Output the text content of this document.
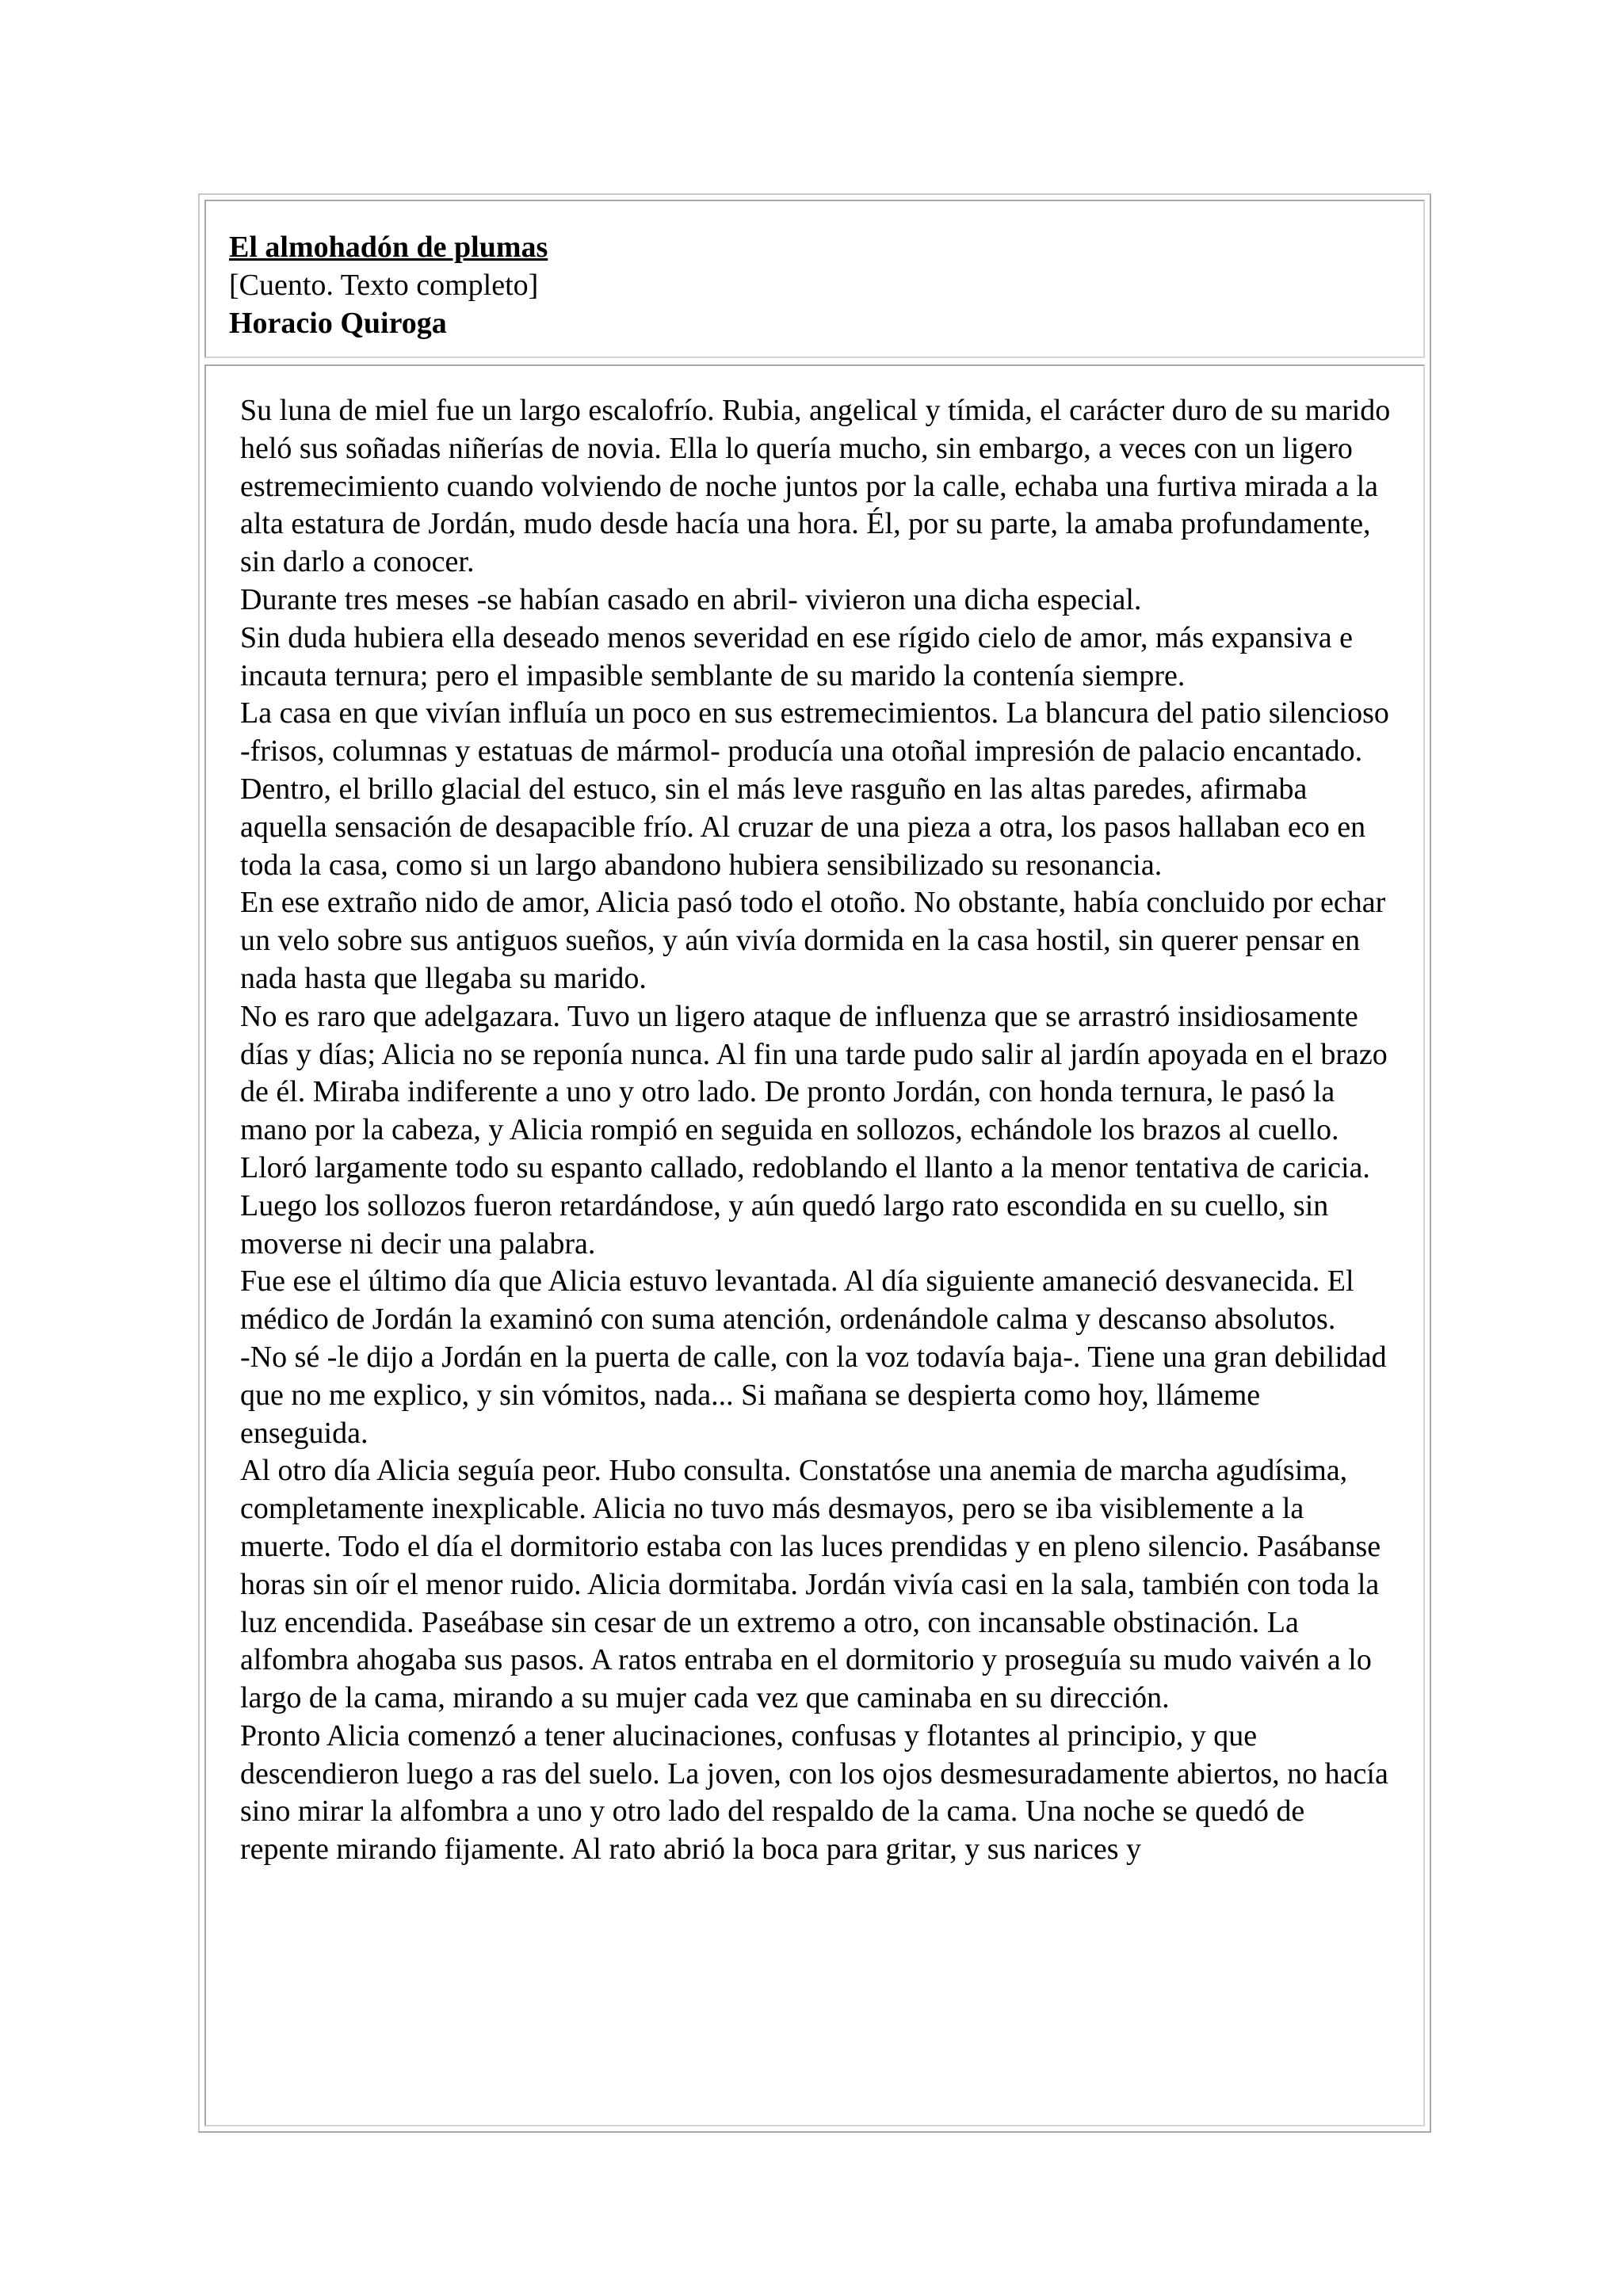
El almohadón de plumas

[Cuento. Texto completo]

Horacio Quiroga

Su luna de miel fue un largo escalofrío. Rubia, angelical y tímida, el carácter duro de su marido heló sus soñadas niñerías de novia. Ella lo quería mucho, sin embargo, a veces con un ligero estremecimiento cuando volviendo de noche juntos por la calle, echaba una furtiva mirada a la alta estatura de Jordán, mudo desde hacía una hora. Él, por su parte, la amaba profundamente, sin darlo a conocer.

Durante tres meses -se habían casado en abril- vivieron una dicha especial.

Sin duda hubiera ella deseado menos severidad en ese rígido cielo de amor, más expansiva e incauta ternura; pero el impasible semblante de su marido la contenía siempre.

La casa en que vivían influía un poco en sus estremecimientos. La blancura del patio silencioso -frisos, columnas y estatuas de mármol- producía una otoñal impresión de palacio encantado. Dentro, el brillo glacial del estuco, sin el más leve rasguño en las altas paredes, afirmaba aquella sensación de desapacible frío. Al cruzar de una pieza a otra, los pasos hallaban eco en toda la casa, como si un largo abandono hubiera sensibilizado su resonancia.

En ese extraño nido de amor, Alicia pasó todo el otoño. No obstante, había concluido por echar un velo sobre sus antiguos sueños, y aún vivía dormida en la casa hostil, sin querer pensar en nada hasta que llegaba su marido.

No es raro que adelgazara. Tuvo un ligero ataque de influenza que se arrastró insidiosamente días y días; Alicia no se reponía nunca. Al fin una tarde pudo salir al jardín apoyada en el brazo de él. Miraba indiferente a uno y otro lado. De pronto Jordán, con honda ternura, le pasó la mano por la cabeza, y Alicia rompió en seguida en sollozos, echándole los brazos al cuello. Lloró largamente todo su espanto callado, redoblando el llanto a la menor tentativa de caricia. Luego los sollozos fueron retardándose, y aún quedó largo rato escondida en su cuello, sin moverse ni decir una palabra.

Fue ese el último día que Alicia estuvo levantada. Al día siguiente amaneció desvanecida. El médico de Jordán la examinó con suma atención, ordenándole calma y descanso absolutos.

-No sé -le dijo a Jordán en la puerta de calle, con la voz todavía baja-. Tiene una gran debilidad que no me explico, y sin vómitos, nada... Si mañana se despierta como hoy, llámeme enseguida.

Al otro día Alicia seguía peor. Hubo consulta. Constatóse una anemia de marcha agudísima, completamente inexplicable. Alicia no tuvo más desmayos, pero se iba visiblemente a la muerte. Todo el día el dormitorio estaba con las luces prendidas y en pleno silencio. Pasábanse horas sin oír el menor ruido. Alicia dormitaba. Jordán vivía casi en la sala, también con toda la luz encendida. Paseábase sin cesar de un extremo a otro, con incansable obstinación. La alfombra ahogaba sus pasos. A ratos entraba en el dormitorio y proseguía su mudo vaivén a lo largo de la cama, mirando a su mujer cada vez que caminaba en su dirección.

Pronto Alicia comenzó a tener alucinaciones, confusas y flotantes al principio, y que descendieron luego a ras del suelo. La joven, con los ojos desmesuradamente abiertos, no hacía sino mirar la alfombra a uno y otro lado del respaldo de la cama. Una noche se quedó de repente mirando fijamente. Al rato abrió la boca para gritar, y sus narices y
